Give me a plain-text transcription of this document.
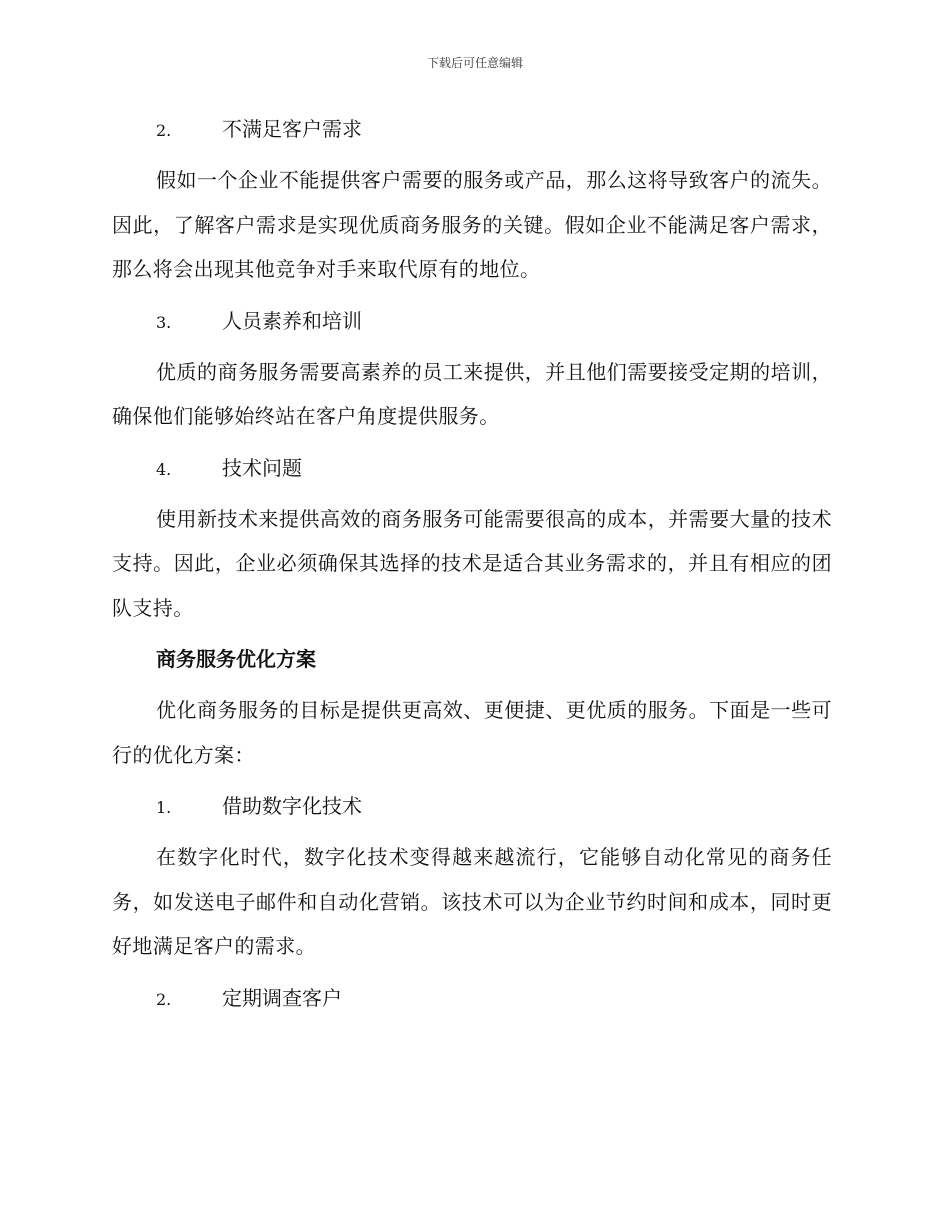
下载后可任意编辑
2.	不满足客户需求

假如一个企业不能提供客户需要的服务或产品，那么这将导致客户的流失。因此，了解客户需求是实现优质商务服务的关键。假如企业不能满足客户需求，那么将会出现其他竞争对手来取代原有的地位。

3.	人员素养和培训

优质的商务服务需要高素养的员工来提供，并且他们需要接受定期的培训，确保他们能够始终站在客户角度提供服务。

4.	技术问题

使用新技术来提供高效的商务服务可能需要很高的成本，并需要大量的技术支持。因此，企业必须确保其选择的技术是适合其业务需求的，并且有相应的团队支持。

商务服务优化方案

优化商务服务的目标是提供更高效、更便捷、更优质的服务。下面是一些可行的优化方案：

1.	借助数字化技术

在数字化时代，数字化技术变得越来越流行，它能够自动化常见的商务任务，如发送电子邮件和自动化营销。该技术可以为企业节约时间和成本，同时更好地满足客户的需求。

2.	定期调查客户
